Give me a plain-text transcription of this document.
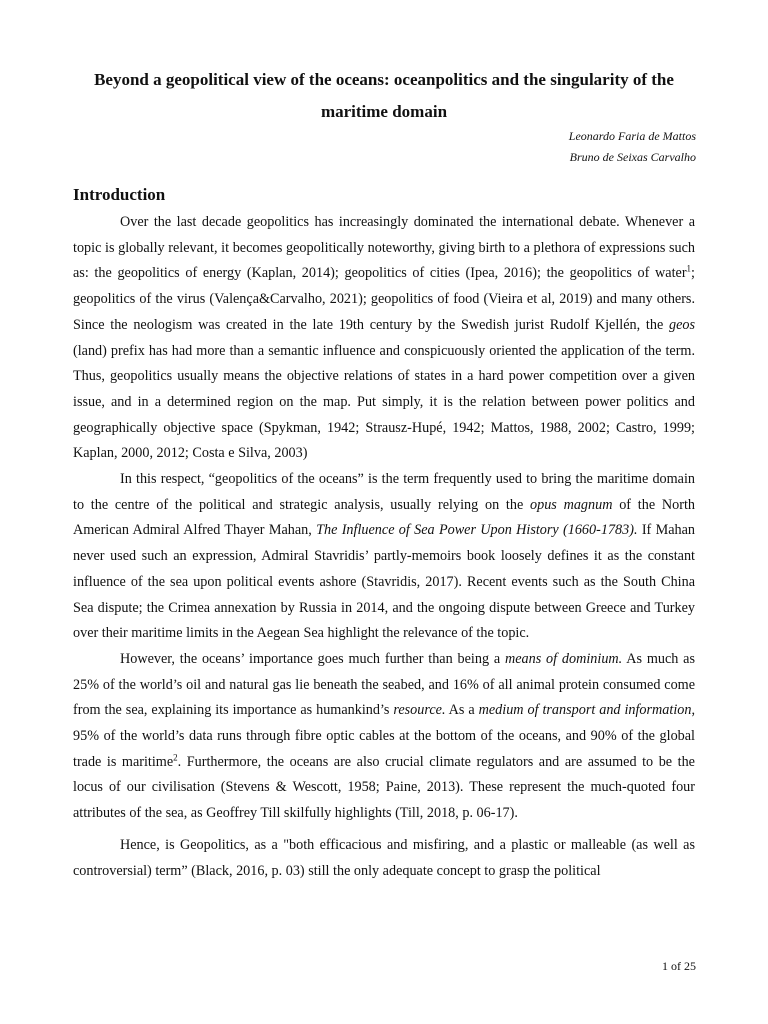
Beyond a geopolitical view of the oceans: oceanpolitics and the singularity of the maritime domain
Leonardo Faria de Mattos
Bruno de Seixas Carvalho
Introduction

Over the last decade geopolitics has increasingly dominated the international debate. Whenever a topic is globally relevant, it becomes geopolitically noteworthy, giving birth to a plethora of expressions such as: the geopolitics of energy (Kaplan, 2014); geopolitics of cities (Ipea, 2016); the geopolitics of water$^1$; geopolitics of the virus (Valença&Carvalho, 2021); geopolitics of food (Vieira et al, 2019) and many others. Since the neologism was created in the late 19th century by the Swedish jurist Rudolf Kjellén, the geos (land) prefix has had more than a semantic influence and conspicuously oriented the application of the term. Thus, geopolitics usually means the objective relations of states in a hard power competition over a given issue, and in a determined region on the map. Put simply, it is the relation between power politics and geographically objective space (Spykman, 1942; Strausz-Hupé, 1942; Mattos, 1988, 2002; Castro, 1999; Kaplan, 2000, 2012; Costa e Silva, 2003)

In this respect, “geopolitics of the oceans” is the term frequently used to bring the maritime domain to the centre of the political and strategic analysis, usually relying on the opus magnum of the North American Admiral Alfred Thayer Mahan, The Influence of Sea Power Upon History (1660-1783). If Mahan never used such an expression, Admiral Stavridis’ partly-memoirs book loosely defines it as the constant influence of the sea upon political events ashore (Stavridis, 2017). Recent events such as the South China Sea dispute; the Crimea annexation by Russia in 2014, and the ongoing dispute between Greece and Turkey over their maritime limits in the Aegean Sea highlight the relevance of the topic.

However, the oceans’ importance goes much further than being a means of dominium. As much as 25% of the world’s oil and natural gas lie beneath the seabed, and 16% of all animal protein consumed come from the sea, explaining its importance as humankind’s resource. As a medium of transport and information, 95% of the world’s data runs through fibre optic cables at the bottom of the oceans, and 90% of the global trade is maritime$^2$. Furthermore, the oceans are also crucial climate regulators and are assumed to be the locus of our civilisation (Stevens & Wescott, 1958; Paine, 2013). These represent the much-quoted four attributes of the sea, as Geoffrey Till skilfully highlights (Till, 2018, p. 06-17).

Hence, is Geopolitics, as a "both efficacious and misfiring, and a plastic or malleable (as well as controversial) term” (Black, 2016, p. 03) still the only adequate concept to grasp the political

1 of 25
